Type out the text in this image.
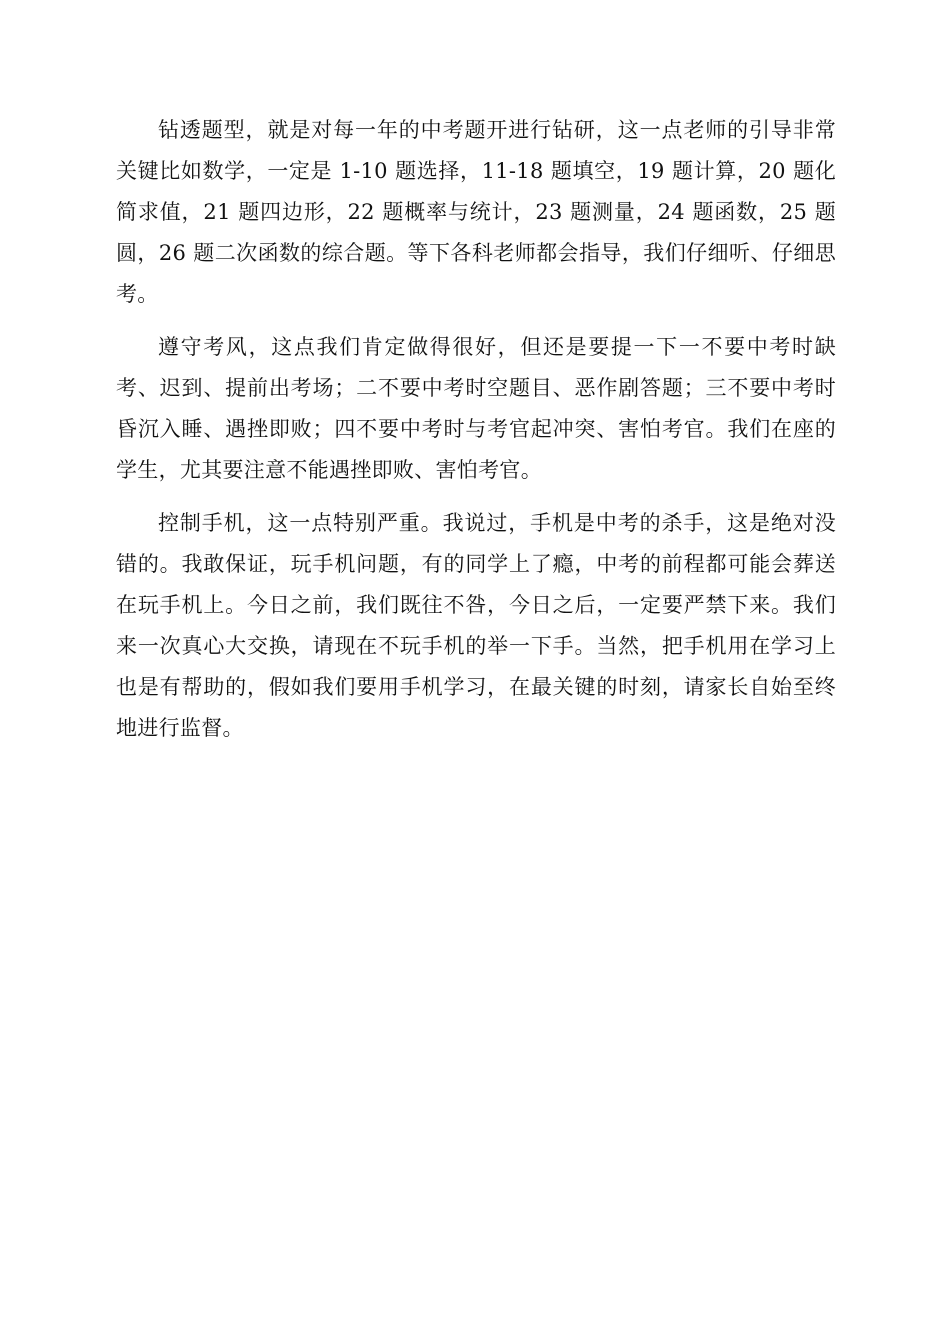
钻透题型，就是对每一年的中考题开进行钻研，这一点老师的引导非常关键比如数学，一定是 1-10 题选择，11-18 题填空，19 题计算，20 题化简求值，21 题四边形，22 题概率与统计，23 题测量，24 题函数，25 题圆，26 题二次函数的综合题。等下各科老师都会指导，我们仔细听、仔细思考。

遵守考风，这点我们肯定做得很好，但还是要提一下一不要中考时缺考、迟到、提前出考场；二不要中考时空题目、恶作剧答题；三不要中考时昏沉入睡、遇挫即败；四不要中考时与考官起冲突、害怕考官。我们在座的学生，尤其要注意不能遇挫即败、害怕考官。

控制手机，这一点特别严重。我说过，手机是中考的杀手，这是绝对没错的。我敢保证，玩手机问题，有的同学上了瘾，中考的前程都可能会葬送在玩手机上。今日之前，我们既往不咎，今日之后，一定要严禁下来。我们来一次真心大交换，请现在不玩手机的举一下手。当然，把手机用在学习上也是有帮助的，假如我们要用手机学习，在最关键的时刻，请家长自始至终地进行监督。
